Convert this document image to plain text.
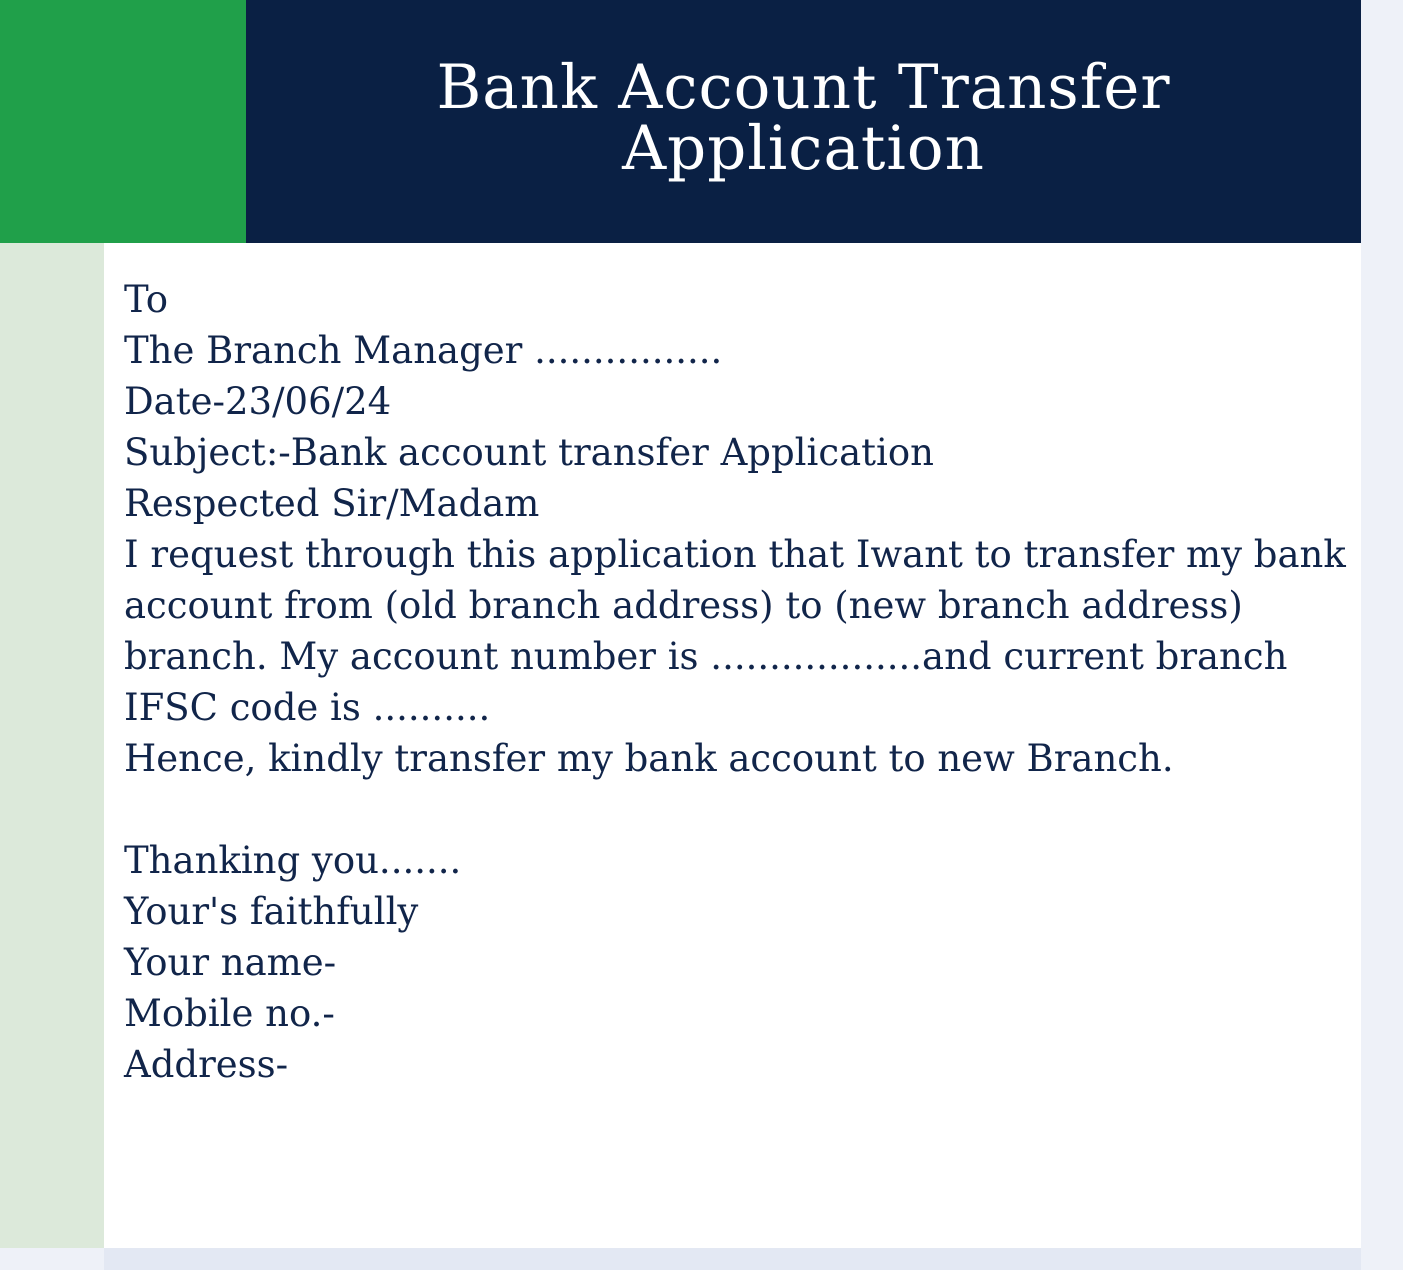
Bank Account Transfer Application

To

The Branch Manager ................

Date-23/06/24

Subject:-Bank account transfer Application

Respected Sir/Madam

I request through this application that Iwant to transfer my bank

account from (old branch address) to (new branch address)

branch. My account number is ..................and current branch

IFSC code is ..........

Hence, kindly transfer my bank account to new Branch.

Thanking you.......

Your's faithfully

Your name-

Mobile no.-

Address-
